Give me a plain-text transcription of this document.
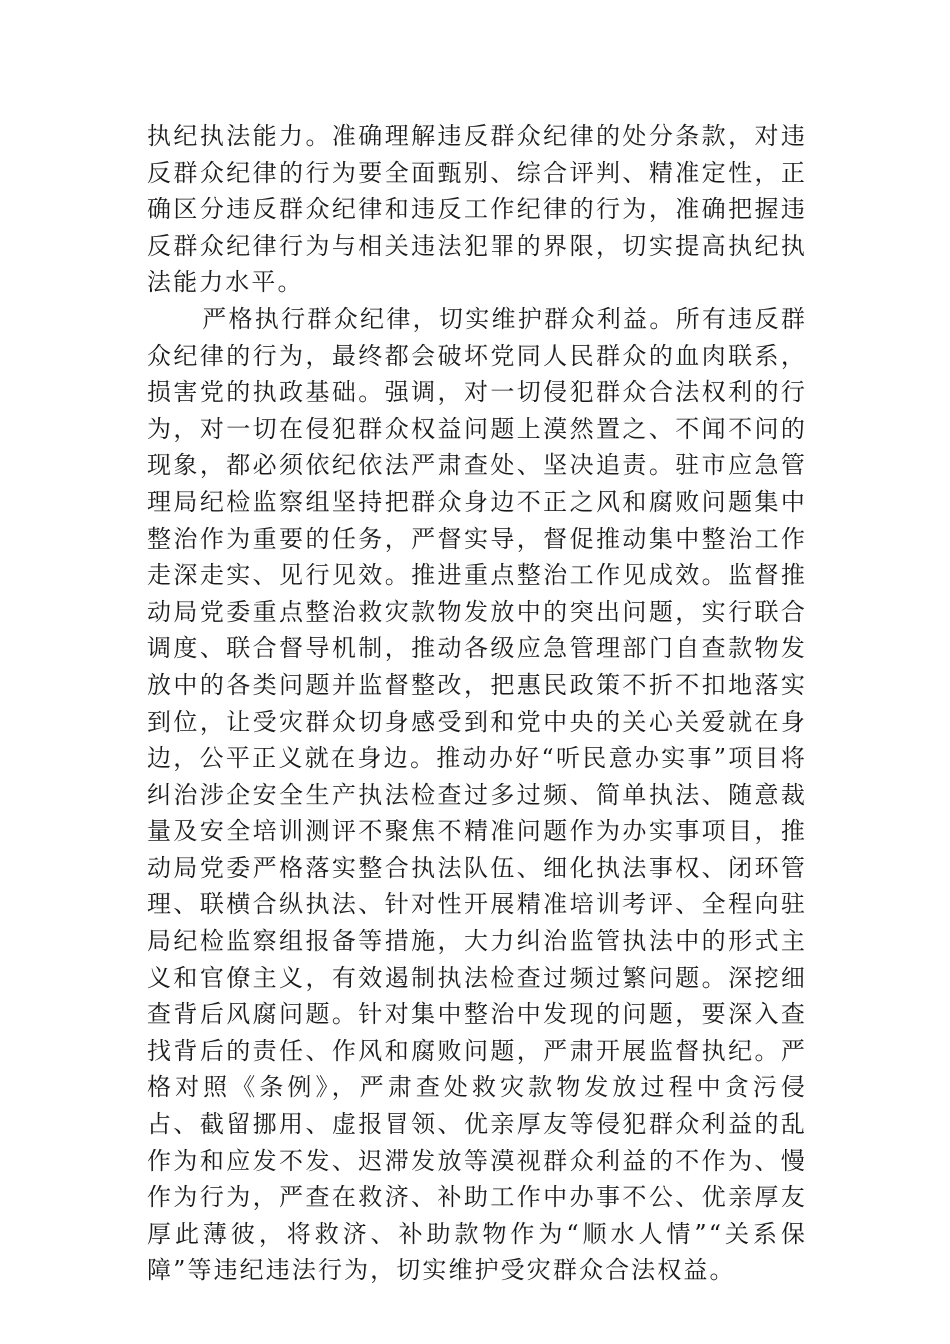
执纪执法能力。准确理解违反群众纪律的处分条款，对违反群众纪律的行为要全面甄别、综合评判、精准定性，正确区分违反群众纪律和违反工作纪律的行为，准确把握违反群众纪律行为与相关违法犯罪的界限，切实提高执纪执法能力水平。

严格执行群众纪律，切实维护群众利益。所有违反群众纪律的行为，最终都会破坏党同人民群众的血肉联系，损害党的执政基础。强调，对一切侵犯群众合法权利的行为，对一切在侵犯群众权益问题上漠然置之、不闻不问的现象，都必须依纪依法严肃查处、坚决追责。驻市应急管理局纪检监察组坚持把群众身边不正之风和腐败问题集中整治作为重要的任务，严督实导，督促推动集中整治工作走深走实、见行见效。推进重点整治工作见成效。监督推动局党委重点整治救灾款物发放中的突出问题，实行联合调度、联合督导机制，推动各级应急管理部门自查款物发放中的各类问题并监督整改，把惠民政策不折不扣地落实到位，让受灾群众切身感受到和党中央的关心关爱就在身边，公平正义就在身边。推动办好“听民意办实事”项目将纠治涉企安全生产执法检查过多过频、简单执法、随意裁量及安全培训测评不聚焦不精准问题作为办实事项目，推动局党委严格落实整合执法队伍、细化执法事权、闭环管理、联横合纵执法、针对性开展精准培训考评、全程向驻局纪检监察组报备等措施，大力纠治监管执法中的形式主义和官僚主义，有效遏制执法检查过频过繁问题。深挖细查背后风腐问题。针对集中整治中发现的问题，要深入查找背后的责任、作风和腐败问题，严肃开展监督执纪。严格对照《条例》，严肃查处救灾款物发放过程中贪污侵占、截留挪用、虚报冒领、优亲厚友等侵犯群众利益的乱作为和应发不发、迟滞发放等漠视群众利益的不作为、慢作为行为，严查在救济、补助工作中办事不公、优亲厚友厚此薄彼，将救济、补助款物作为“顺水人情”“关系保障”等违纪违法行为，切实维护受灾群众合法权益。
